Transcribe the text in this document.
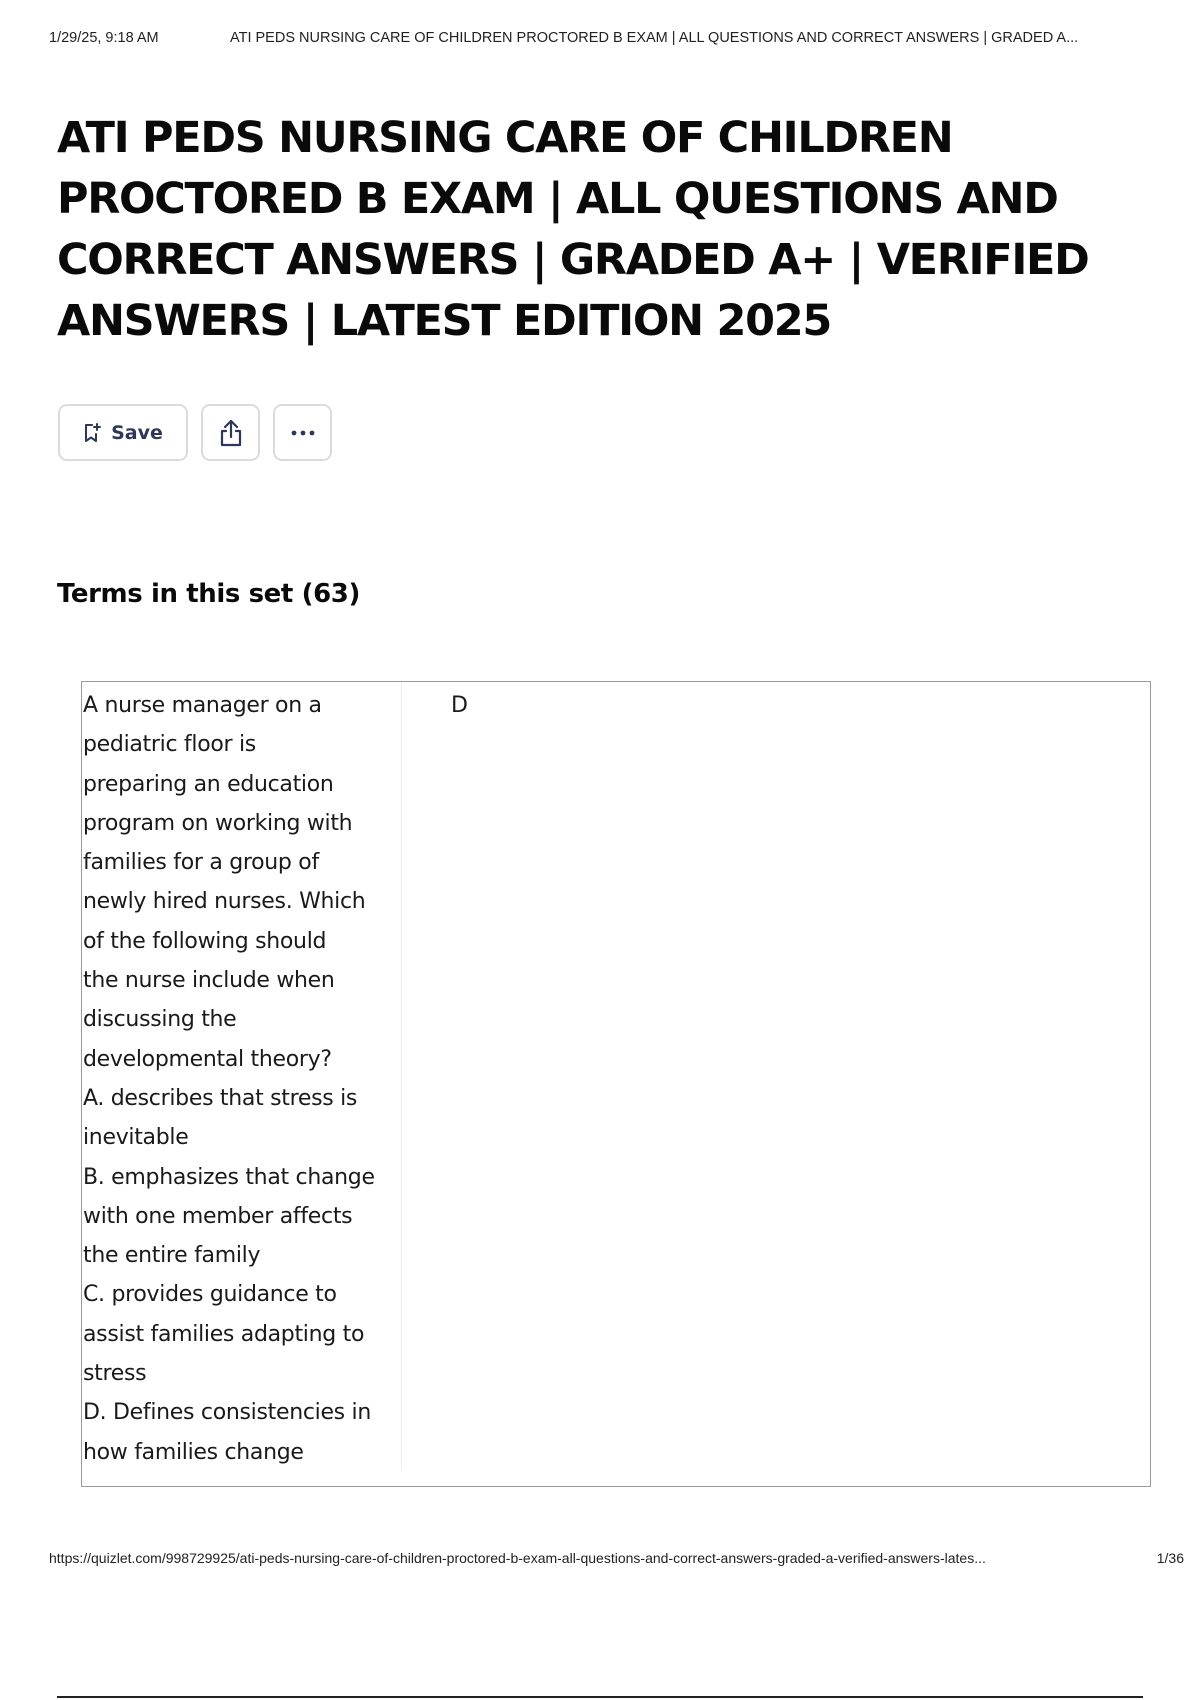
1/29/25, 9:18 AM	ATI PEDS NURSING CARE OF CHILDREN PROCTORED B EXAM | ALL QUESTIONS AND CORRECT ANSWERS | GRADED A...
ATI PEDS NURSING CARE OF CHILDREN PROCTORED B EXAM | ALL QUESTIONS AND CORRECT ANSWERS | GRADED A+ | VERIFIED ANSWERS | LATEST EDITION 2025
Save
Terms in this set (63)

A nurse manager on a
pediatric floor is
preparing an education
program on working with
families for a group of
newly hired nurses. Which
of the following should
the nurse include when
discussing the
developmental theory?
A. describes that stress is
inevitable
B. emphasizes that change
with one member affects
the entire family
C. provides guidance to
assist families adapting to
stress
D. Defines consistencies in
how families change

D

https://quizlet.com/998729925/ati-peds-nursing-care-of-children-proctored-b-exam-all-questions-and-correct-answers-graded-a-verified-answers-lates...	1/36
